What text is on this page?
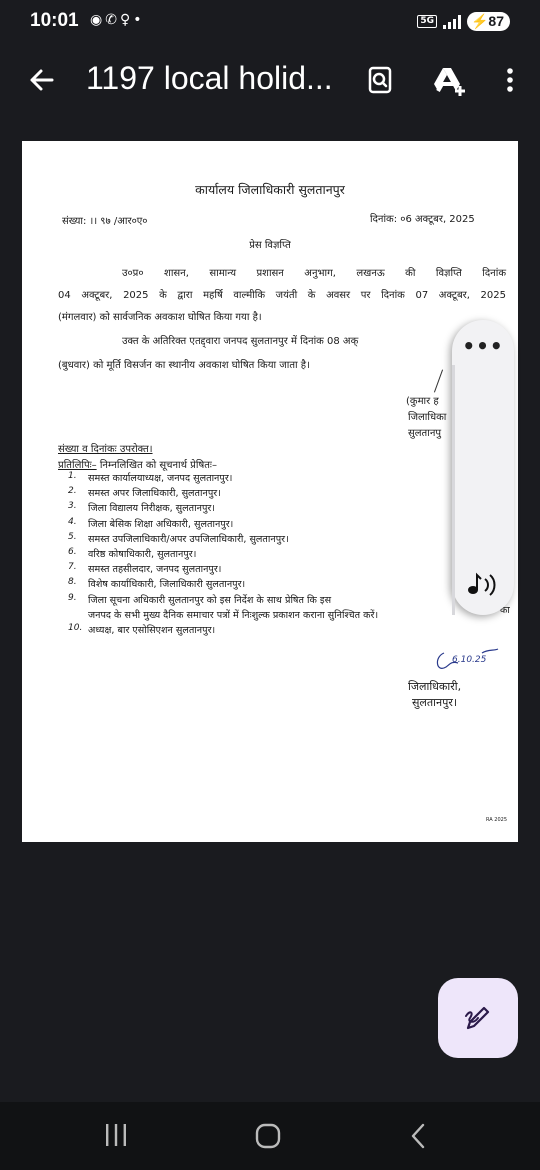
10:01 ◉✆♀•	5G	⚡87
1197 local holid...
कार्यालय जिलाधिकारी सुलतानपुर
संख्या: ।। ९७ /आर०ए०	दिनांक: ०6 अक्टूबर, 2025
प्रेस विज्ञप्ति
उ०प्र० शासन, सामान्य प्रशासन अनुभाग, लखनऊ की विज्ञप्ति दिनांक
04 अक्टूबर, 2025 के द्वारा महर्षि वाल्मीकि जयंती के अवसर पर दिनांक 07 अक्टूबर, 2025
(मंगलवार) को सार्वजनिक अवकाश घोषित किया गया है।
उक्त के अतिरिक्त एतद्द्वारा जनपद सुलतानपुर में दिनांक 08 अक्
(बुधवार) को मूर्ति विसर्जन का स्थानीय अवकाश घोषित किया जाता है।
(कुमार ह
जिलाधिका
सुलतानपु
संख्या व दिनांकः उपरोक्त।
प्रतिलिपिः– निम्नलिखित को सूचनार्थ प्रेषितः–
1. समस्त कार्यालयाध्यक्ष, जनपद सुलतानपुर।
2. समस्त अपर जिलाधिकारी, सुलतानपुर।
3. जिला विद्यालय निरीक्षक, सुलतानपुर।
4. जिला बेसिक शिक्षा अधिकारी, सुलतानपुर।
5. समस्त उपजिलाधिकारी/अपर उपजिलाधिकारी, सुलतानपुर।
6. वरिष्ठ कोषाधिकारी, सुलतानपुर।
7. समस्त तहसीलदार, जनपद सुलतानपुर।
8. विशेष कार्याधिकारी, जिलाधिकारी सुलतानपुर।
9. जिला सूचना अधिकारी सुलतानपुर को इस निर्देश के साथ प्रेषित कि इस
जनपद के सभी मुख्य दैनिक समाचार पत्रों में निःशुल्क प्रकाशन कराना सुनिश्चित करें।
10. अध्यक्ष, बार एसोसिएशन सुलतानपुर।
का
6.10.25
जिलाधिकारी,
सुलतानपुर।
RA 2025
•••
